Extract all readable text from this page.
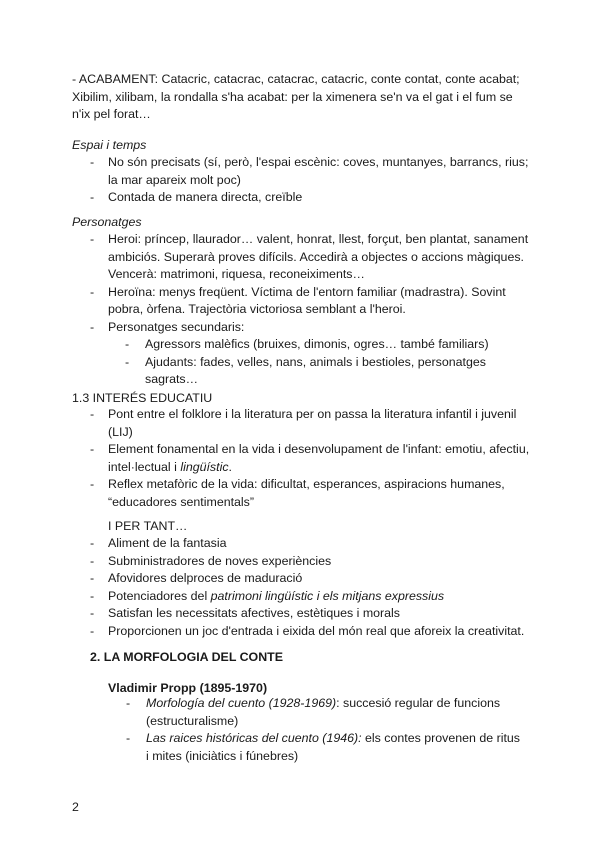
- ACABAMENT: Catacric, catacrac, catacrac, catacric, conte contat, conte acabat; Xibilim, xilibam, la rondalla s'ha acabat: per la ximenera se'n va el gat i el fum se n'ix pel forat…
Espai i temps
- No són precisats (sí, però, l'espai escènic: coves, muntanyes, barrancs, rius; la mar apareix molt poc)
- Contada de manera directa, creïble
Personatges
- Heroi: príncep, llaurador… valent, honrat, llest, forçut, ben plantat, sanament ambiciós. Superarà proves difícils. Accedirà a objectes o accions màgiques. Vencerà: matrimoni, riquesa, reconeiximents…
- Heroïna: menys freqüent. Víctima de l'entorn familiar (madrastra). Sovint pobra, òrfena. Trajectòria victoriosa semblant a l'heroi.
- Personatges secundaris:
- Agressors malèfics (bruixes, dimonis, ogres… també familiars)
- Ajudants: fades, velles, nans, animals i bestioles, personatges sagrats…
1.3 INTERÉS EDUCATIU
- Pont entre el folklore i la literatura per on passa la literatura infantil i juvenil (LIJ)
- Element fonamental en la vida i desenvolupament de l'infant: emotiu, afectiu, intel·lectual i lingüístic.
- Reflex metafòric de la vida: dificultat, esperances, aspiracions humanes, “educadores sentimentals”
I PER TANT…
- Aliment de la fantasia
- Subministradores de noves experiències
- Afovidores delproces de maduració
- Potenciadores del patrimoni lingüístic i els mitjans expressius
- Satisfan les necessitats afectives, estètiques i morals
- Proporcionen un joc d'entrada i eixida del món real que aforeix la creativitat.
2. LA MORFOLOGIA DEL CONTE
Vladimir Propp (1895-1970)
- Morfología del cuento (1928-1969): succesió regular de funcions (estructuralisme)
- Las raices históricas del cuento (1946): els contes provenen de ritus i mites (iniciàtics i fúnebres)
2
